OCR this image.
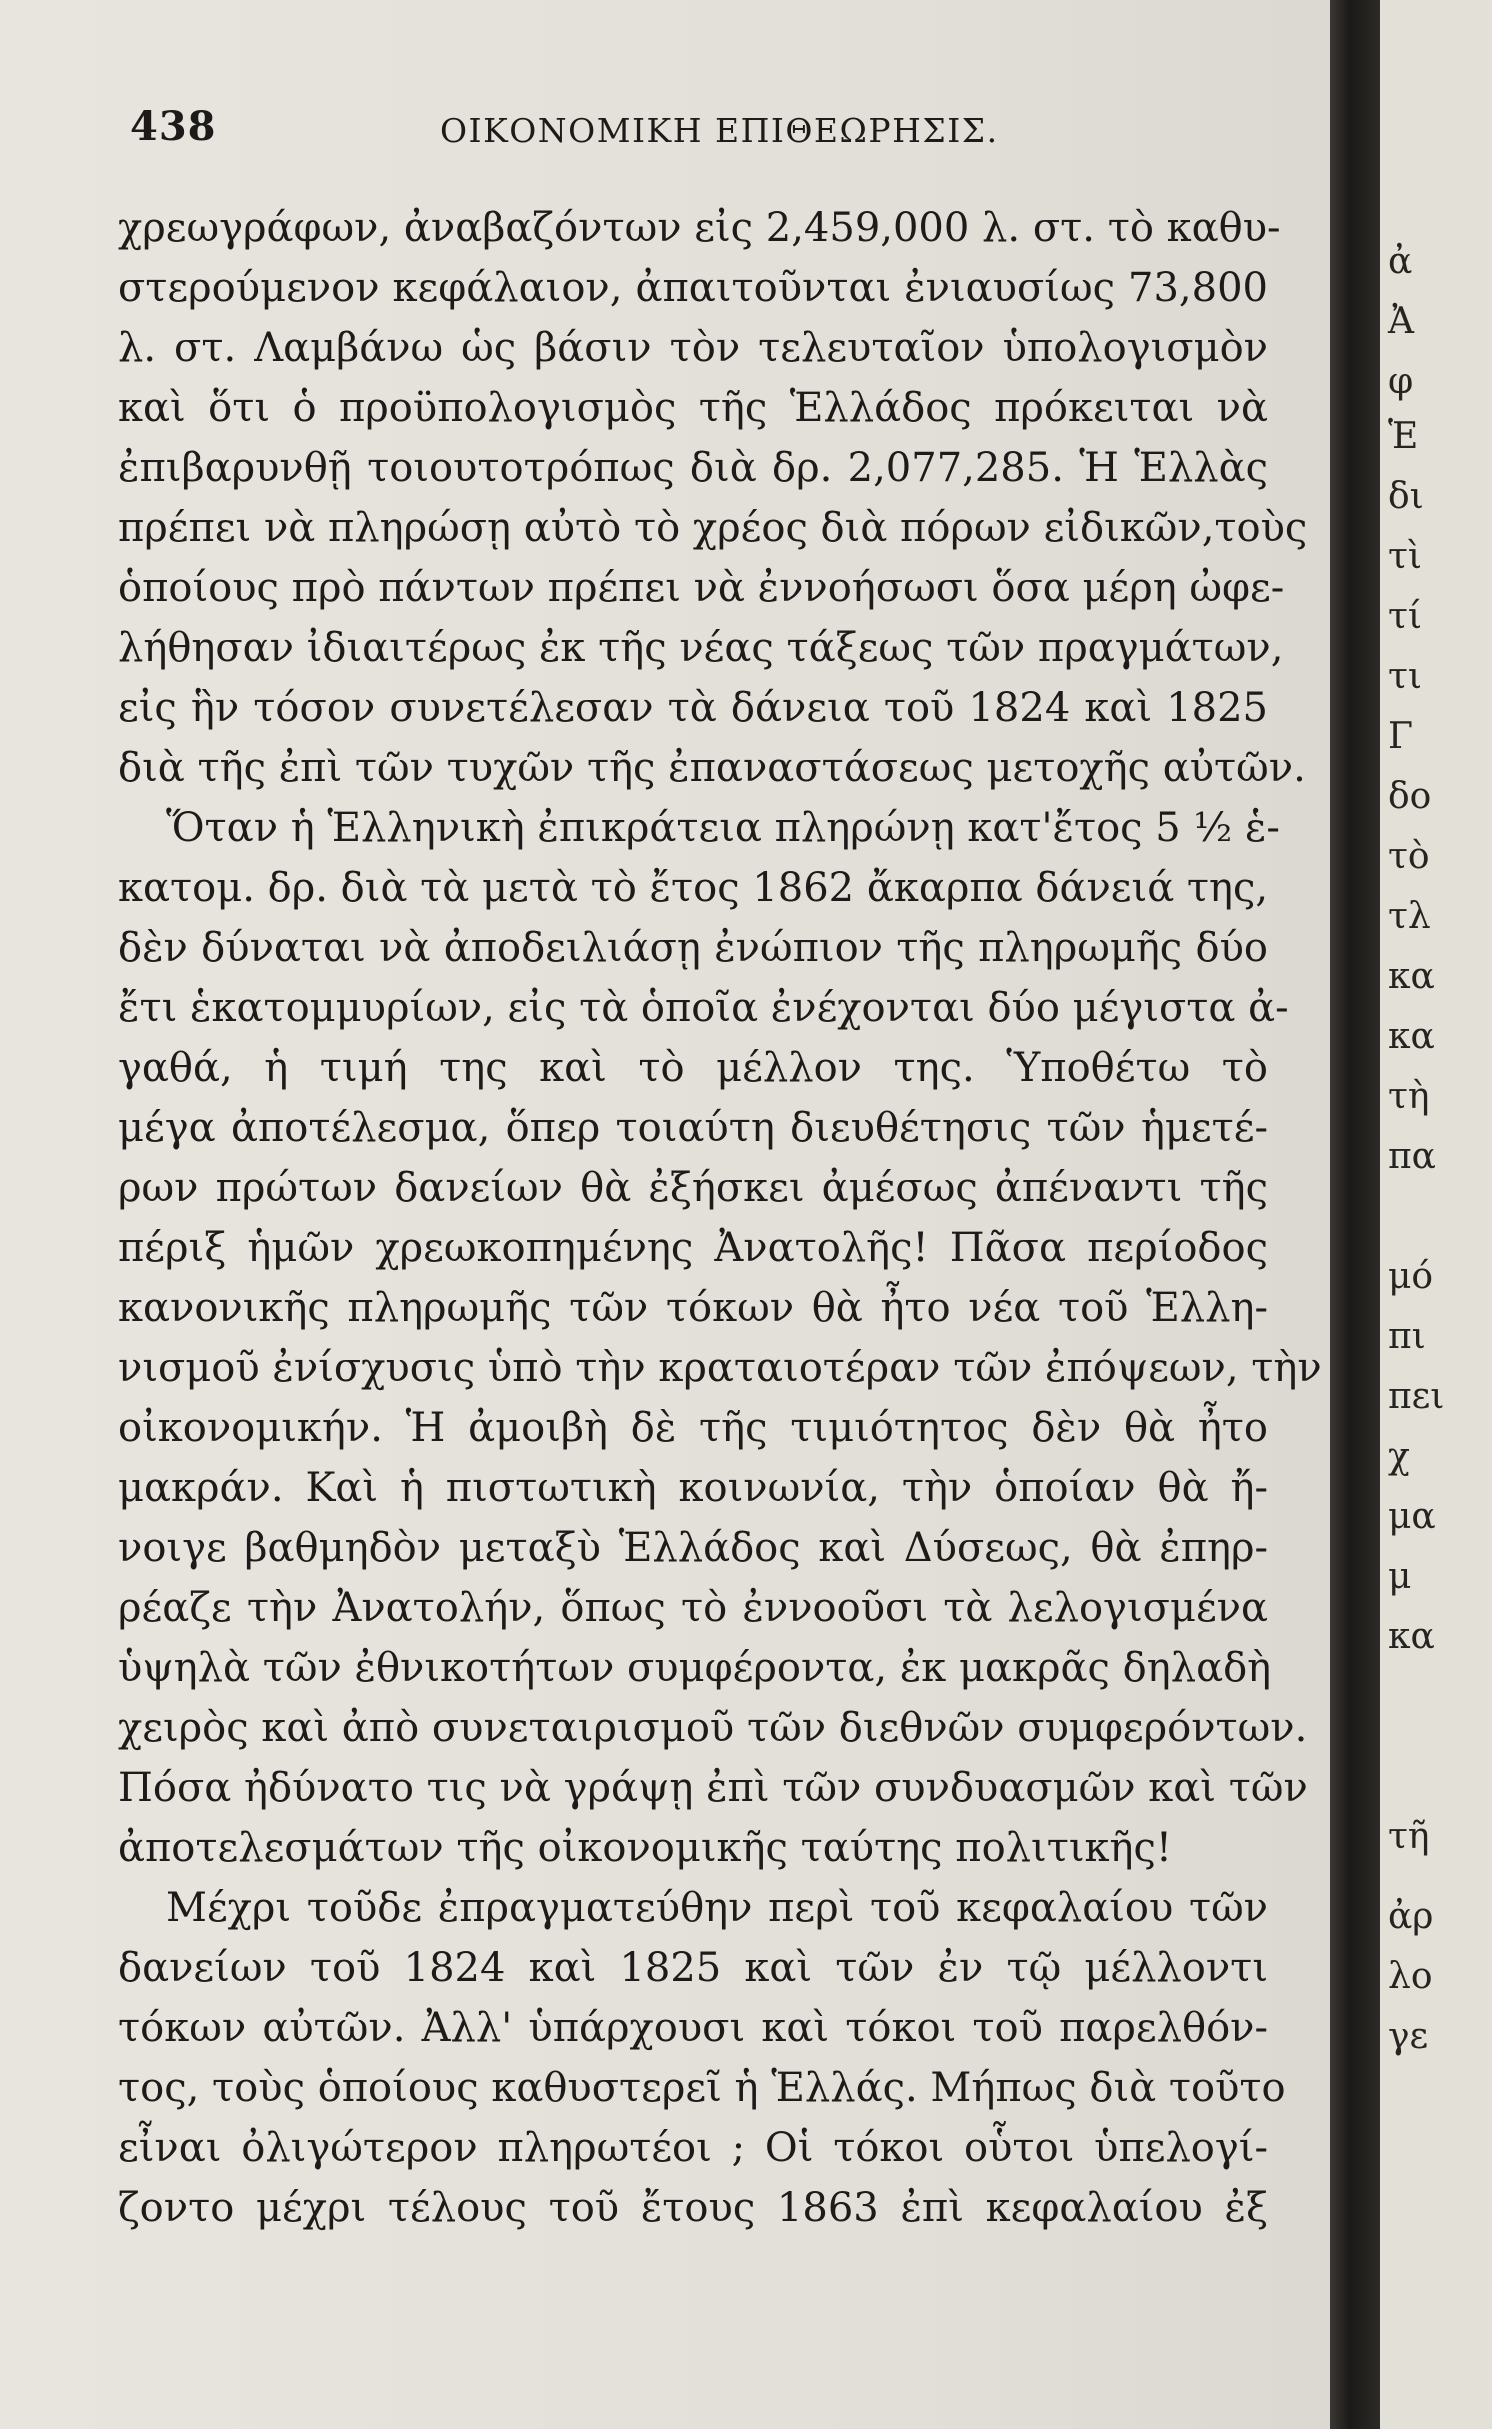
438	ΟΙΚΟΝΟΜΙΚΗ ΕΠΙΘΕΩΡΗΣΙΣ.
χρεωγράφων, ἀναβαζόντων εἰς 2,459,000 λ. στ. τὸ καθυ-
στερούμενον κεφάλαιον, ἀπαιτοῦνται ἐνιαυσίως 73,800
λ. στ. Λαμβάνω ὡς βάσιν τὸν τελευταῖον ὑπολογισμὸν
καὶ ὅτι ὁ προϋπολογισμὸς τῆς Ἑλλάδος πρόκειται νὰ
ἐπιβαρυνθῇ τοιουτοτρόπως διὰ δρ. 2,077,285. Ἡ Ἑλλὰς
πρέπει νὰ πληρώσῃ αὐτὸ τὸ χρέος διὰ πόρων εἰδικῶν,τοὺς
ὁποίους πρὸ πάντων πρέπει νὰ ἐννοήσωσι ὅσα μέρη ὠφε-
λήθησαν ἰδιαιτέρως ἐκ τῆς νέας τάξεως τῶν πραγμάτων,
εἰς ἣν τόσον συνετέλεσαν τὰ δάνεια τοῦ 1824 καὶ 1825
διὰ τῆς ἐπὶ τῶν τυχῶν τῆς ἐπαναστάσεως μετοχῆς αὐτῶν.
Ὅταν ἡ Ἑλληνικὴ ἐπικράτεια πληρώνῃ κατ'ἔτος 5 ½ ἑ-
κατομ. δρ. διὰ τὰ μετὰ τὸ ἔτος 1862 ἄκαρπα δάνειά της,
δὲν δύναται νὰ ἀποδειλιάσῃ ἐνώπιον τῆς πληρωμῆς δύο
ἔτι ἑκατομμυρίων, εἰς τὰ ὁποῖα ἐνέχονται δύο μέγιστα ἀ-
γαθά, ἡ τιμή της καὶ τὸ μέλλον της. Ὑποθέτω τὸ
μέγα ἀποτέλεσμα, ὅπερ τοιαύτη διευθέτησις τῶν ἡμετέ-
ρων πρώτων δανείων θὰ ἐξήσκει ἀμέσως ἀπέναντι τῆς
πέριξ ἡμῶν χρεωκοπημένης Ἀνατολῆς! Πᾶσα περίοδος
κανονικῆς πληρωμῆς τῶν τόκων θὰ ἦτο νέα τοῦ Ἑλλη-
νισμοῦ ἐνίσχυσις ὑπὸ τὴν κραταιοτέραν τῶν ἐπόψεων, τὴν
οἰκονομικήν. Ἡ ἀμοιβὴ δὲ τῆς τιμιότητος δὲν θὰ ἦτο
μακράν. Καὶ ἡ πιστωτικὴ κοινωνία, τὴν ὁποίαν θὰ ἤ-
νοιγε βαθμηδὸν μεταξὺ Ἑλλάδος καὶ Δύσεως, θὰ ἐπηρ-
ρέαζε τὴν Ἀνατολήν, ὅπως τὸ ἐννοοῦσι τὰ λελογισμένα
ὑψηλὰ τῶν ἐθνικοτήτων συμφέροντα, ἐκ μακρᾶς δηλαδὴ
χειρὸς καὶ ἀπὸ συνεταιρισμοῦ τῶν διεθνῶν συμφερόντων.
Πόσα ἠδύνατο τις νὰ γράψῃ ἐπὶ τῶν συνδυασμῶν καὶ τῶν
ἀποτελεσμάτων τῆς οἰκονομικῆς ταύτης πολιτικῆς!
Μέχρι τοῦδε ἐπραγματεύθην περὶ τοῦ κεφαλαίου τῶν
δανείων τοῦ 1824 καὶ 1825 καὶ τῶν ἐν τῷ μέλλοντι
τόκων αὐτῶν. Ἀλλ' ὑπάρχουσι καὶ τόκοι τοῦ παρελθόν-
τος, τοὺς ὁποίους καθυστερεῖ ἡ Ἑλλάς. Μήπως διὰ τοῦτο
εἶναι ὀλιγώτερον πληρωτέοι ; Οἱ τόκοι οὗτοι ὑπελογί-
ζοντο μέχρι τέλους τοῦ ἔτους 1863 ἐπὶ κεφαλαίου ἐξ
ἀ
Ἀ
φ
Ἑ
δι
τὶ
τί
τι
Γ
δο
τὸ
τλ
κα
κα
τὴ
πα
μό
πι
πει
χ
μα
μ
κα
τῆ
ἀρ
λο
γε
